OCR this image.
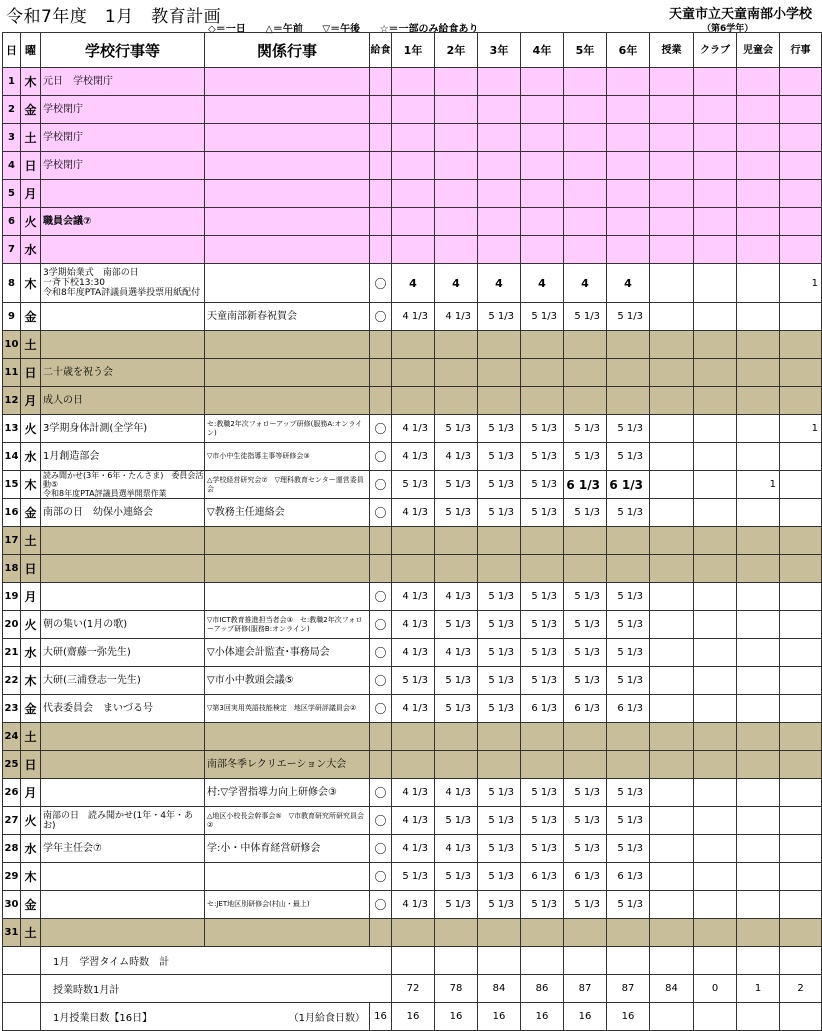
令和7年度　1月　教育計画	天童市立天童南部小学校
◇＝一日 △＝午前 ▽＝午後 ☆＝一部のみ給食あり	（第6学年）
日	曜	学校行事等	関係行事	給食	1年	2年	3年	4年	5年	6年	授業	クラブ	児童会	行事
1	木	元日　学校閉庁												

2	金	学校閉庁												

3	土	学校閉庁												

4	日	学校閉庁												

5	月	

6	火	職員会議⑦												

7	水	

8	木	3学期始業式　南部の日
一斉下校13:30
令和8年度PTA評議員選挙投票用紙配付		〇	4	4	4	4	4	4				1
9	金		天童南部新春祝賀会	〇	4 1/3	4 1/3	5 1/3	5 1/3	5 1/3	5 1/3				
10	土	

11	日	二十歳を祝う会												

12	月	成人の日												

13	火	3学期身体計測(全学年)	セ:教職2年次フォローアップ研修(服務A:オンライン)	〇	4 1/3	5 1/3	5 1/3	5 1/3	5 1/3	5 1/3				1
14	水	1月創造部会	▽市小中生徒指導主事等研修会③	〇	4 1/3	4 1/3	5 1/3	5 1/3	5 1/3	5 1/3				
15	木	読み聞かせ(3年・6年・たんさま)　委員会活動⑤
令和8年度PTA評議員選挙開票作業	△学校経営研究会⑦　▽理科教育センター運営委員会	〇	5 1/3	5 1/3	5 1/3	5 1/3	6 1/3	6 1/3			1	
16	金	南部の日　幼保小連絡会	▽教務主任連絡会	〇	4 1/3	5 1/3	5 1/3	5 1/3	5 1/3	5 1/3				
17	土	

18	日	

19	月			〇	4 1/3	4 1/3	5 1/3	5 1/3	5 1/3	5 1/3				
20	火	朝の集い(1月の歌)	▽市ICT教育推進担当者会③　セ:教職2年次フォローアップ研修(服務B:オンライン)	〇	4 1/3	5 1/3	5 1/3	5 1/3	5 1/3	5 1/3				
21	水	大研(齋藤一弥先生)	▽小体連会計監査･事務局会	〇	4 1/3	4 1/3	5 1/3	5 1/3	5 1/3	5 1/3				
22	木	大研(三浦登志一先生)	▽市小中教頭会議⑤	〇	5 1/3	5 1/3	5 1/3	5 1/3	5 1/3	5 1/3				
23	金	代表委員会　まいづる号	▽第3回実用英語技能検定　地区学研評議員会②	〇	4 1/3	5 1/3	5 1/3	6 1/3	6 1/3	6 1/3				
24	土	

25	日		南部冬季レクリエーション大会											
26	月		村:▽学習指導力向上研修会③	〇	4 1/3	4 1/3	5 1/3	5 1/3	5 1/3	5 1/3				
27	火	南部の日　読み聞かせ(1年・4年・あお)	△地区小校長会幹事会⑤　▽市教育研究所研究員会②	〇	4 1/3	5 1/3	5 1/3	5 1/3	5 1/3	5 1/3				
28	水	学年主任会⑦	学:小・中体育経営研修会	〇	4 1/3	4 1/3	5 1/3	5 1/3	5 1/3	5 1/3				
29	木			〇	5 1/3	5 1/3	5 1/3	6 1/3	6 1/3	6 1/3				
30	金		セ:JET地区別研修会(村山・最上)	〇	4 1/3	5 1/3	5 1/3	5 1/3	5 1/3	5 1/3				
31	土	

		1月　学習タイム時数　計												
		授業時数1月計			72	78	84	86	87	87	84	0	1	2
		1月授業日数【16日】 （1月給食日数）		16	16	16	16	16	16	16				
